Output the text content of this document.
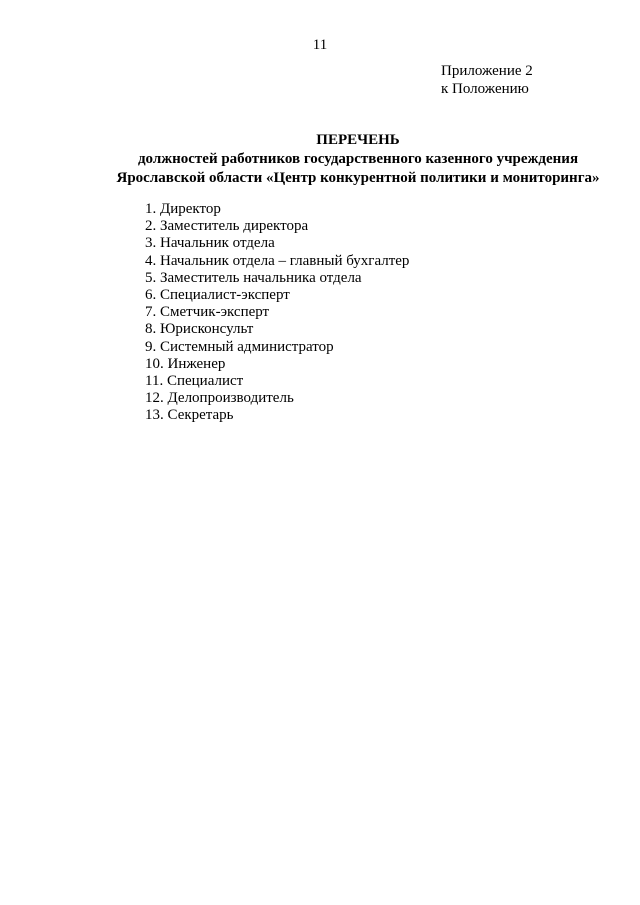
11
Приложение 2
к Положению
ПЕРЕЧЕНЬ
должностей работников государственного казенного учреждения
Ярославской области «Центр конкурентной политики и мониторинга»
1. Директор
2. Заместитель директора
3. Начальник отдела
4. Начальник отдела – главный бухгалтер
5. Заместитель начальника отдела
6. Специалист-эксперт
7. Сметчик-эксперт
8. Юрисконсульт
9. Системный администратор
10. Инженер
11. Специалист
12. Делопроизводитель
13. Секретарь
